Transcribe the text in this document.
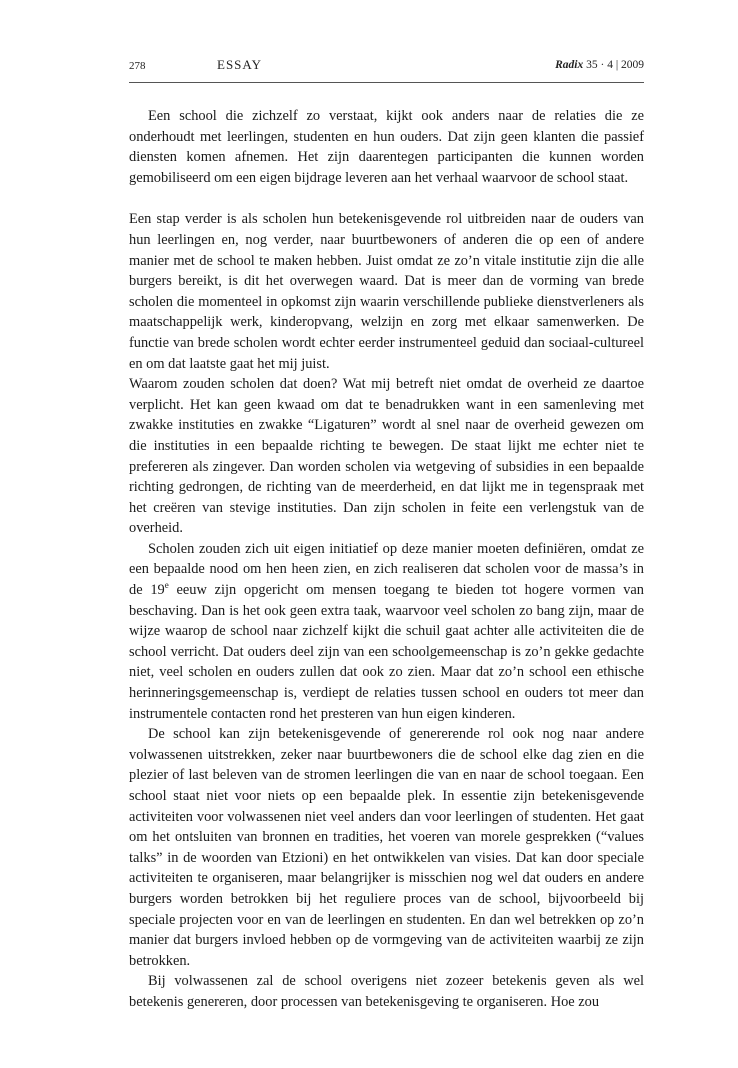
278	ESSAY	Radix 35 · 4 | 2009

Een school die zichzelf zo verstaat, kijkt ook anders naar de relaties die ze onderhoudt met leerlingen, studenten en hun ouders. Dat zijn geen klanten die passief diensten komen afnemen. Het zijn daarentegen participanten die kunnen worden gemobiliseerd om een eigen bijdrage leveren aan het verhaal waarvoor de school staat.

Een stap verder is als scholen hun betekenisgevende rol uitbreiden naar de ouders van hun leerlingen en, nog verder, naar buurtbewoners of anderen die op een of andere manier met de school te maken hebben. Juist omdat ze zo’n vitale institutie zijn die alle burgers bereikt, is dit het overwegen waard. Dat is meer dan de vorming van brede scholen die momenteel in opkomst zijn waarin verschillende publieke dienstverleners als maatschappelijk werk, kinderopvang, welzijn en zorg met elkaar samenwerken. De functie van brede scholen wordt echter eerder instrumenteel geduid dan sociaal-cultureel en om dat laatste gaat het mij juist.

Waarom zouden scholen dat doen? Wat mij betreft niet omdat de overheid ze daartoe verplicht. Het kan geen kwaad om dat te benadrukken want in een samenleving met zwakke instituties en zwakke “Ligaturen” wordt al snel naar de overheid gewezen om die instituties in een bepaalde richting te bewegen. De staat lijkt me echter niet te prefereren als zingever. Dan worden scholen via wetgeving of subsidies in een bepaalde richting gedrongen, de richting van de meerderheid, en dat lijkt me in tegenspraak met het creëren van stevige instituties. Dan zijn scholen in feite een verlengstuk van de overheid.

Scholen zouden zich uit eigen initiatief op deze manier moeten definiëren, omdat ze een bepaalde nood om hen heen zien, en zich realiseren dat scholen voor de massa’s in de 19e eeuw zijn opgericht om mensen toegang te bieden tot hogere vormen van beschaving. Dan is het ook geen extra taak, waarvoor veel scholen zo bang zijn, maar de wijze waarop de school naar zichzelf kijkt die schuil gaat achter alle activiteiten die de school verricht. Dat ouders deel zijn van een schoolgemeenschap is zo’n gekke gedachte niet, veel scholen en ouders zullen dat ook zo zien. Maar dat zo’n school een ethische herinneringsgemeenschap is, verdiept de relaties tussen school en ouders tot meer dan instrumentele contacten rond het presteren van hun eigen kinderen.

De school kan zijn betekenisgevende of genererende rol ook nog naar andere volwassenen uitstrekken, zeker naar buurtbewoners die de school elke dag zien en die plezier of last beleven van de stromen leerlingen die van en naar de school toegaan. Een school staat niet voor niets op een bepaalde plek. In essentie zijn betekenisgevende activiteiten voor volwassenen niet veel anders dan voor leerlingen of studenten. Het gaat om het ontsluiten van bronnen en tradities, het voeren van morele gesprekken (“values talks” in de woorden van Etzioni) en het ontwikkelen van visies. Dat kan door speciale activiteiten te organiseren, maar belangrijker is misschien nog wel dat ouders en andere burgers worden betrokken bij het reguliere proces van de school, bijvoorbeeld bij speciale projecten voor en van de leerlingen en studenten. En dan wel betrekken op zo’n manier dat burgers invloed hebben op de vormgeving van de activiteiten waarbij ze zijn betrokken.

Bij volwassenen zal de school overigens niet zozeer betekenis geven als wel betekenis genereren, door processen van betekenisgeving te organiseren. Hoe zou
